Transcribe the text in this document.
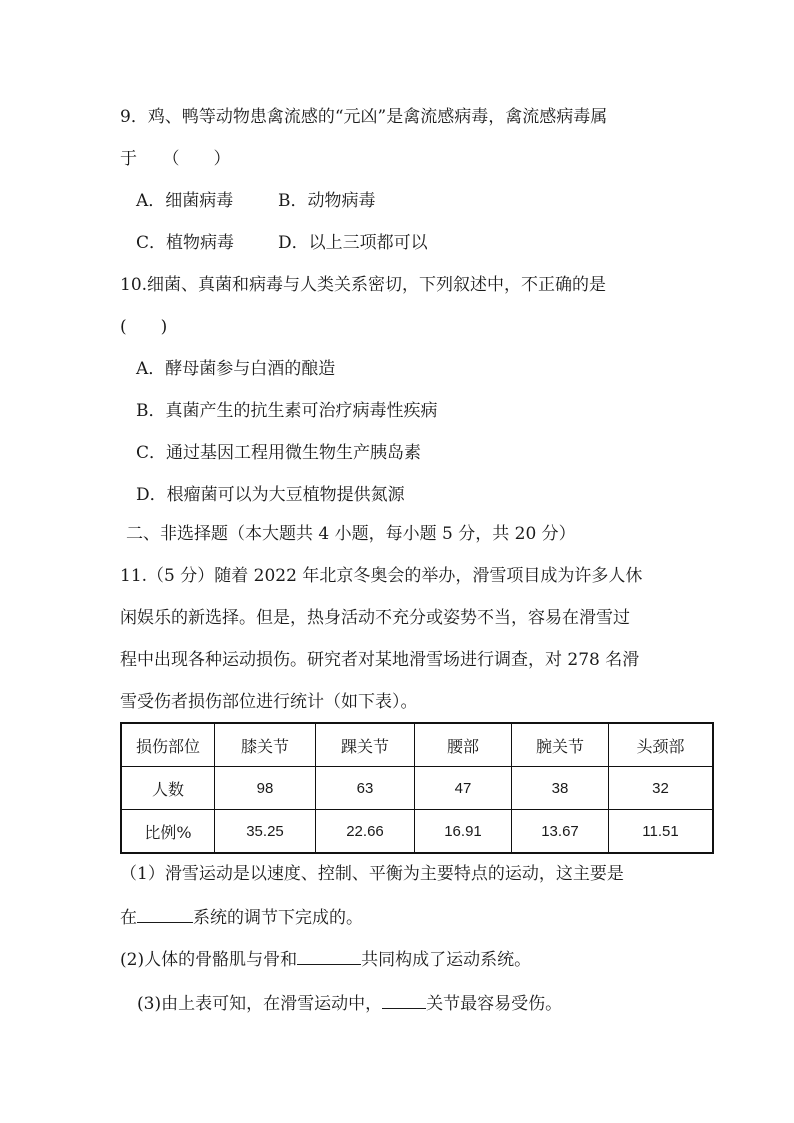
9．鸡、鸭等动物患禽流感的“元凶”是禽流感病毒，禽流感病毒属
于　　（　　）
A．细菌病毒	B．动物病毒
C．植物病毒	D．以上三项都可以
10.细菌、真菌和病毒与人类关系密切，下列叙述中，不正确的是
(　　)
A．酵母菌参与白酒的酿造
B．真菌产生的抗生素可治疗病毒性疾病
C．通过基因工程用微生物生产胰岛素
D．根瘤菌可以为大豆植物提供氮源
二、非选择题（本大题共 4 小题，每小题 5 分，共 20 分）
11.（5 分）随着 2022 年北京冬奥会的举办，滑雪项目成为许多人休
闲娱乐的新选择。但是，热身活动不充分或姿势不当，容易在滑雪过
程中出现各种运动损伤。研究者对某地滑雪场进行调查，对 278 名滑
雪受伤者损伤部位进行统计（如下表）。
损伤部位	膝关节	踝关节	腰部	腕关节	头颈部
人数	98	63	47	38	32
比例%	35.25	22.66	16.91	13.67	11.51
（1）滑雪运动是以速度、控制、平衡为主要特点的运动，这主要是
在	系统的调节下完成的。
(2)人体的骨骼肌与骨和	共同构成了运动系统。
(3)由上表可知，在滑雪运动中，	关节最容易受伤。
